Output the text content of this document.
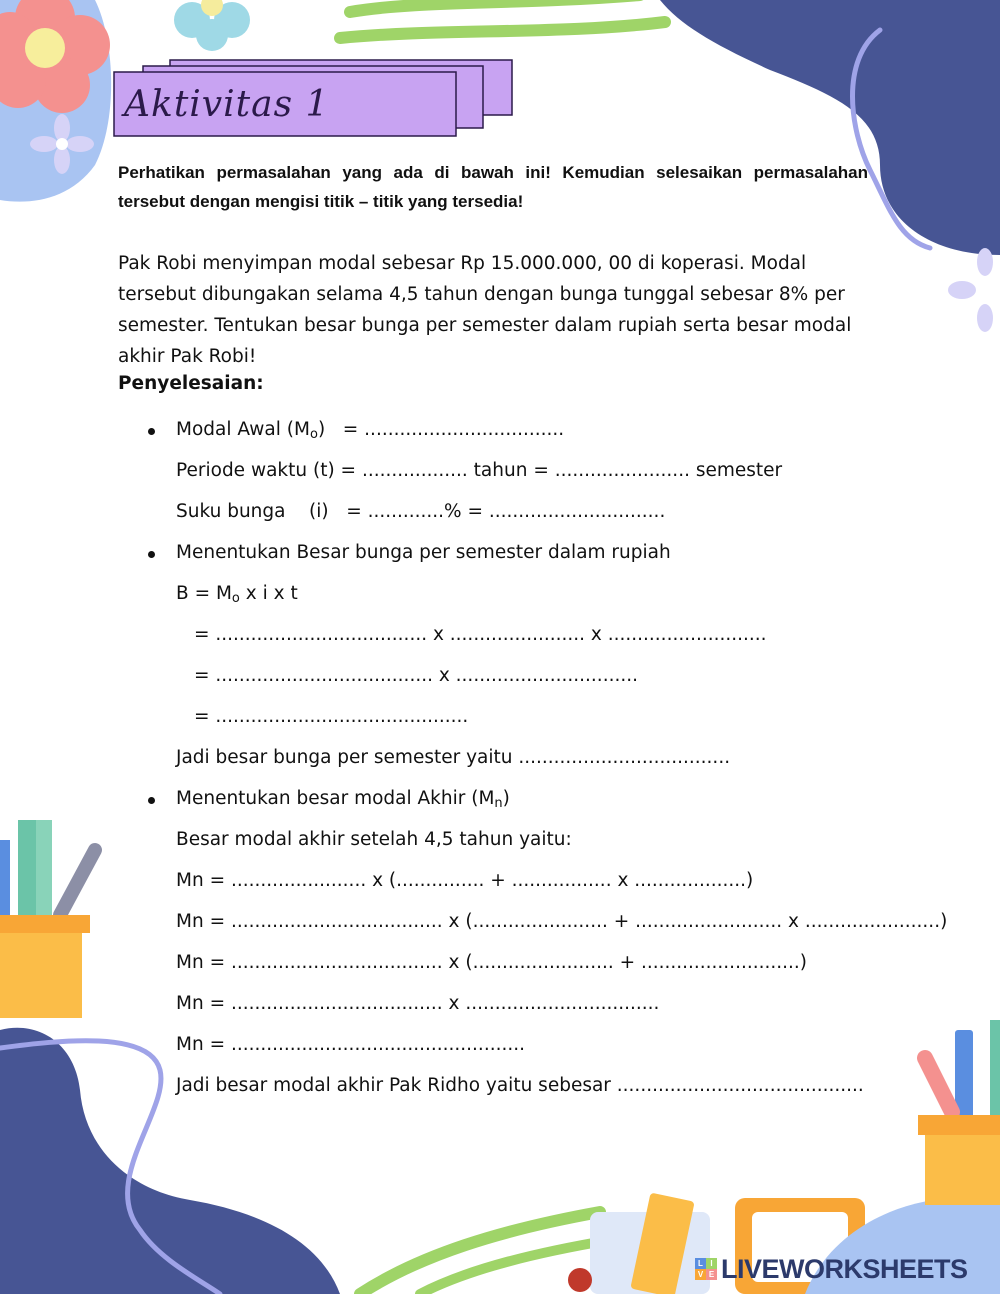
Aktivitas 1
Perhatikan permasalahan yang ada di bawah ini! Kemudian selesaikan permasalahan tersebut dengan mengisi titik – titik yang tersedia!
Pak Robi menyimpan modal sebesar Rp 15.000.000, 00 di koperasi. Modal tersebut dibungakan selama 4,5 tahun dengan bunga tunggal sebesar 8% per semester. Tentukan besar bunga per semester dalam rupiah serta besar modal akhir Pak Robi!
Penyelesaian:
Modal Awal $(M_o)$   = ..................................
Periode waktu (t) = .................. tahun = ....................... semester
Suku bunga    (i)   = .............% = ..............................
Menentukan Besar bunga per semester dalam rupiah
$B = M_o$ x i x t
= .................................... x ....................... x ...........................
= ..................................... x ...............................
= ...........................................
Jadi besar bunga per semester yaitu ....................................
Menentukan besar modal Akhir $(M_n)$
Besar modal akhir setelah 4,5 tahun yaitu:
Mn = ....................... x (............... + ................. x ...................)
Mn = .................................... x (....................... + ......................... x .......................)
Mn = .................................... x (........................ + ...........................)
Mn = .................................... x .................................
Mn = ..................................................
Jadi besar modal akhir Pak Ridho yaitu sebesar ..........................................
L I
V E LIVEWORKSHEETS
